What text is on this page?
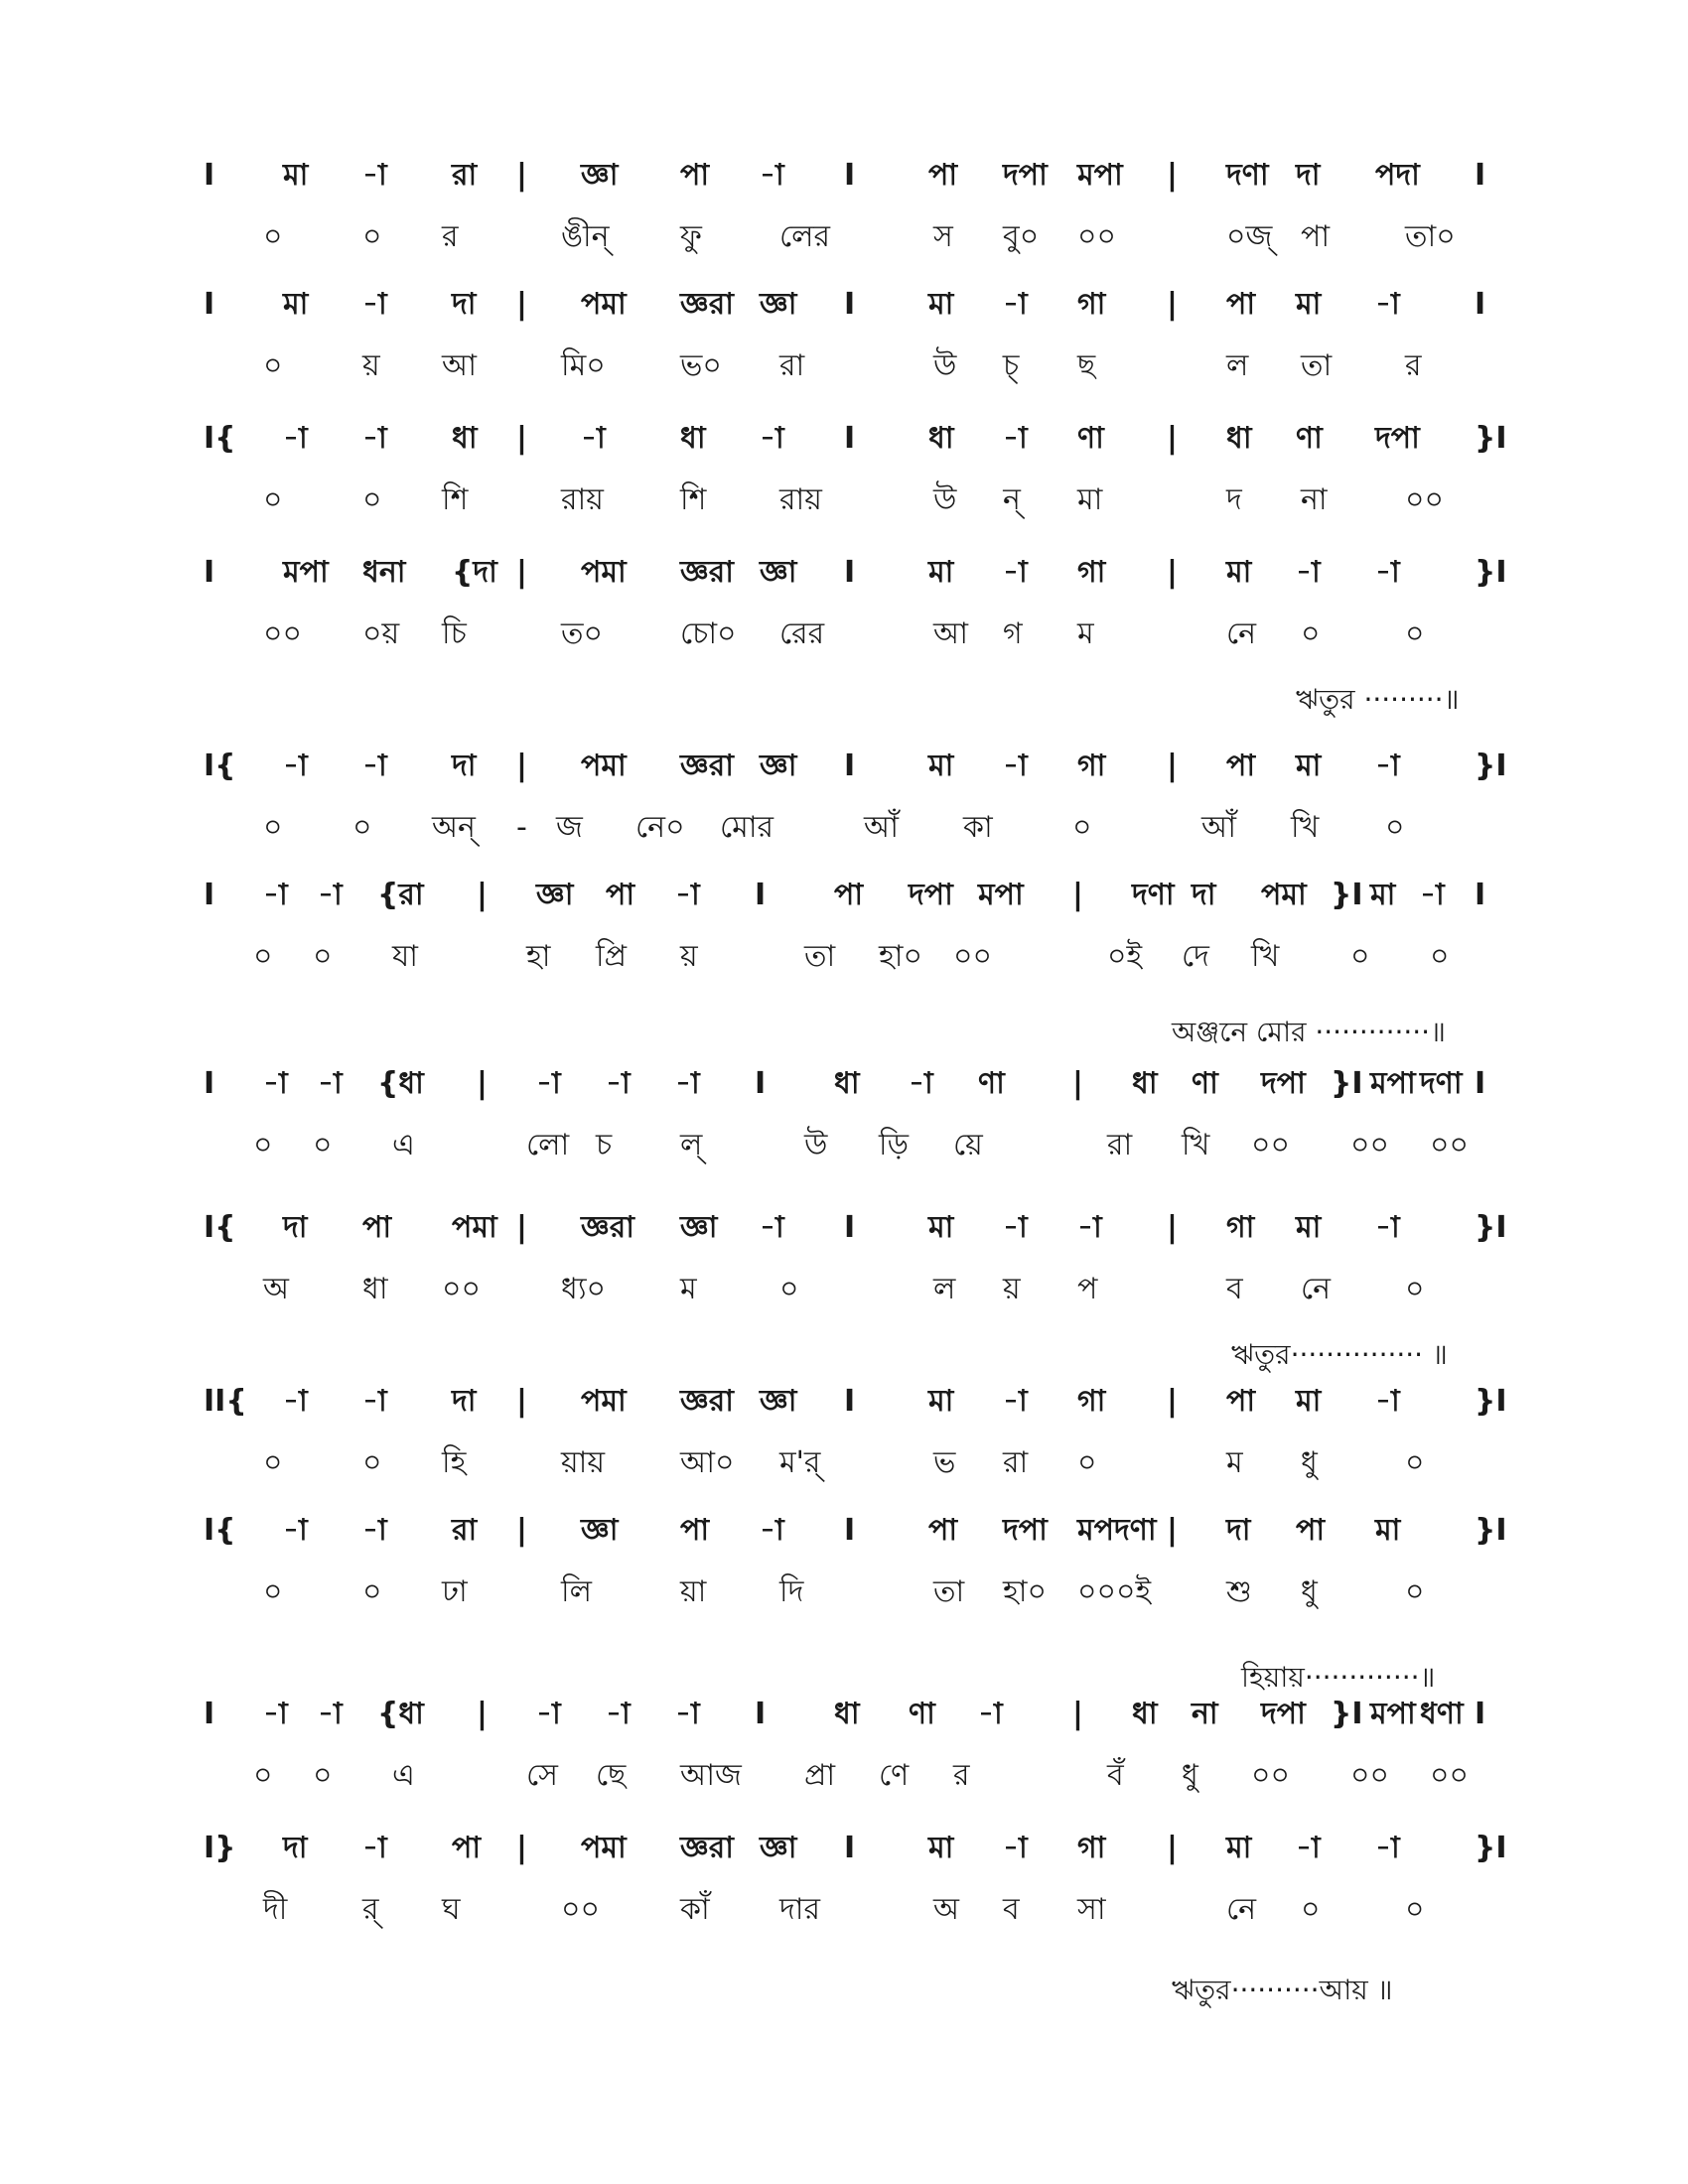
I মা -া রা | জ্ঞা পা -া I পা দপা মপা | দণা দা পদা I
০	০ র	ঙীন্ ফু	লের	স বু০ ০০	০জ্ পা	তা০
I মা -া দা | পমা জ্ঞরা জ্ঞা I মা -া গা | পা মা -া	I
০	য় আ	মি০	ভ০ রা	উ চ্ ছ	ল তা র
I{ -া -া ধা | -া	ধা -া I ধা -া ণা | ধা ণা দপা }I
০	০ শি	রায়	শি রায়	উ ন্ মা	দ না	০০
I মপা ধনা {দা | পমা জ্ঞরা জ্ঞা I মা -া গা | মা -া -া	}I
০০ ০য় চি	ত০	চো০ রের	আ গ ম	নে ০	০
ঋতুর ·········॥
I{ -া -া দা | পমা জ্ঞরা জ্ঞা I মা -া গা | পা মা -া	}I
০ ০ অন্ - জ নে০ মোর	আঁ কা	০	আঁ খি ০
I -া -া {রা | জ্ঞা পা -া I পা দপা মপা | দণা দা পমা }I মা -া I
০ ০ যা	হা প্রি য়	তা হা০ ০০	০ই দে খি ০ ০
অঞ্জনে মোর ·············॥
I -া -া {ধা | -া -া -া I ধা -া ণা | ধা ণা দপা }I মপা দণা I
০ ০ এ	লো চ ল্	উ ড়ি য়ে	রা খি ০০ ০০ ০০
I{ দা পা পমা | জ্ঞরা জ্ঞা -া I মা -া -া | গা মা -া	}I
অ ধা ০০	ধ্য০ ম	০	ল য় প	ব নে ০
ঋতুর··············· ॥
II{ -া -া দা | পমা জ্ঞরা জ্ঞা I মা -া গা | পা মা -া	}I
০	০ হি	য়ায়	আ০ ম'র্	ভ রা ০	ম ধু	০
I{ -া -া রা | জ্ঞা পা -া I পা দপা মপদণা | দা পা মা }I
০	০ ঢা	লি	য়া দি	তা হা০ ০০০ই	শু ধু	০
হিয়ায়·············॥
I -া -া {ধা | -া -া -া I ধা ণা -া | ধা না দপা }I মপা ধণা I
০ ০ এ	সে ছে আজ প্রা ণে র	বঁ ধু ০০ ০০ ০০
I} দা -া পা | পমা জ্ঞরা জ্ঞা I মা -া গা | মা -া -া	}I
দী	র্ ঘ	০০	কাঁ দার	অ ব সা	নে ০	০
ঋতুর··········আয় ॥
